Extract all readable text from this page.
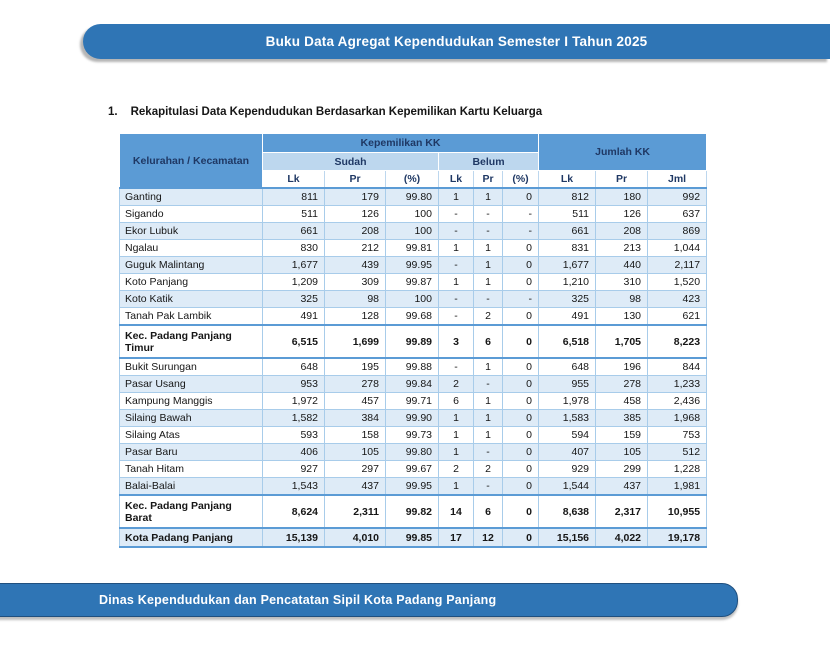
Buku Data Agregat Kependudukan Semester I Tahun 2025
1. Rekapitulasi Data Kependudukan Berdasarkan Kepemilikan Kartu Keluarga
Kelurahan / Kecamatan	Kepemilikan KK						Jumlah KK		
	Sudah			Belum					
	Lk	Pr	(%)	Lk	Pr	(%)	Lk	Pr	Jml
Ganting	811	179	99.80	1	1	0	812	180	992
Sigando	511	126	100	-	-	-	511	126	637
Ekor Lubuk	661	208	100	-	-	-	661	208	869
Ngalau	830	212	99.81	1	1	0	831	213	1,044
Guguk Malintang	1,677	439	99.95	-	1	0	1,677	440	2,117
Koto Panjang	1,209	309	99.87	1	1	0	1,210	310	1,520
Koto Katik	325	98	100	-	-	-	325	98	423
Tanah Pak Lambik	491	128	99.68	-	2	0	491	130	621
Kec. Padang Panjang Timur	6,515	1,699	99.89	3	6	0	6,518	1,705	8,223
Bukit Surungan	648	195	99.88	-	1	0	648	196	844
Pasar Usang	953	278	99.84	2	-	0	955	278	1,233
Kampung Manggis	1,972	457	99.71	6	1	0	1,978	458	2,436
Silaing Bawah	1,582	384	99.90	1	1	0	1,583	385	1,968
Silaing Atas	593	158	99.73	1	1	0	594	159	753
Pasar Baru	406	105	99.80	1	-	0	407	105	512
Tanah Hitam	927	297	99.67	2	2	0	929	299	1,228
Balai-Balai	1,543	437	99.95	1	-	0	1,544	437	1,981
Kec. Padang Panjang Barat	8,624	2,311	99.82	14	6	0	8,638	2,317	10,955
Kota Padang Panjang	15,139	4,010	99.85	17	12	0	15,156	4,022	19,178
Dinas Kependudukan dan Pencatatan Sipil Kota Padang Panjang
